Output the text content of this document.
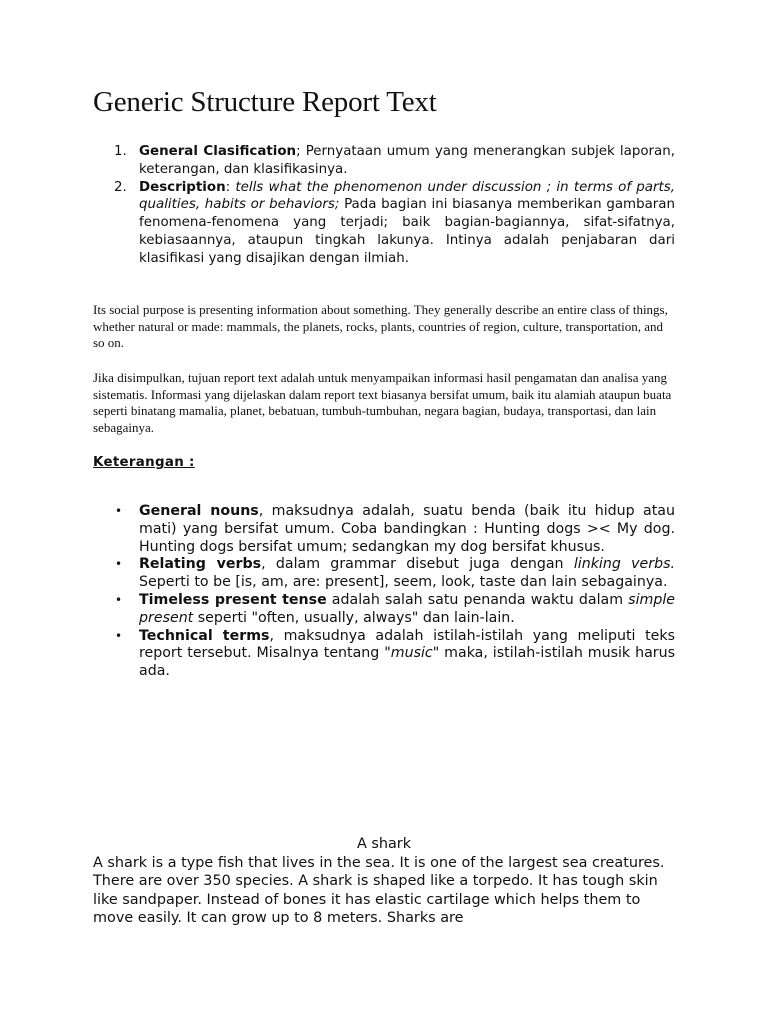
Generic Structure Report Text
1. General Clasification; Pernyataan umum yang menerangkan subjek laporan, keterangan, dan klasifikasinya.
2. Description: tells what the phenomenon under discussion ; in terms of parts, qualities, habits or behaviors; Pada bagian ini biasanya memberikan gambaran fenomena-fenomena yang terjadi; baik bagian-bagiannya, sifat-sifatnya, kebiasaannya, ataupun tingkah lakunya. Intinya adalah penjabaran dari klasifikasi yang disajikan dengan ilmiah.

Its social purpose is presenting information about something. They generally describe an entire class of things, whether natural or made: mammals, the planets, rocks, plants, countries of region, culture, transportation, and so on.

Jika disimpulkan, tujuan report text adalah untuk menyampaikan informasi hasil pengamatan dan analisa yang sistematis. Informasi yang dijelaskan dalam report text biasanya bersifat umum, baik itu alamiah ataupun buata seperti binatang mamalia, planet, bebatuan, tumbuh-tumbuhan, negara bagian, budaya, transportasi, dan lain sebagainya.

Keterangan :
• General nouns, maksudnya adalah, suatu benda (baik itu hidup atau mati) yang bersifat umum. Coba bandingkan : Hunting dogs >< My dog. Hunting dogs bersifat umum; sedangkan my dog bersifat khusus.
• Relating verbs, dalam grammar disebut juga dengan linking verbs. Seperti to be [is, am, are: present], seem, look, taste dan lain sebagainya.
• Timeless present tense adalah salah satu penanda waktu dalam simple present seperti "often, usually, always" dan lain-lain.
• Technical terms, maksudnya adalah istilah-istilah yang meliputi teks report tersebut. Misalnya tentang "music" maka, istilah-istilah musik harus ada.
A shark
A shark is a type fish that lives in the sea. It is one of the largest sea creatures. There are over 350 species. A shark is shaped like a torpedo. It has tough skin like sandpaper. Instead of bones it has elastic cartilage which helps them to move easily. It can grow up to 8 meters. Sharks are
